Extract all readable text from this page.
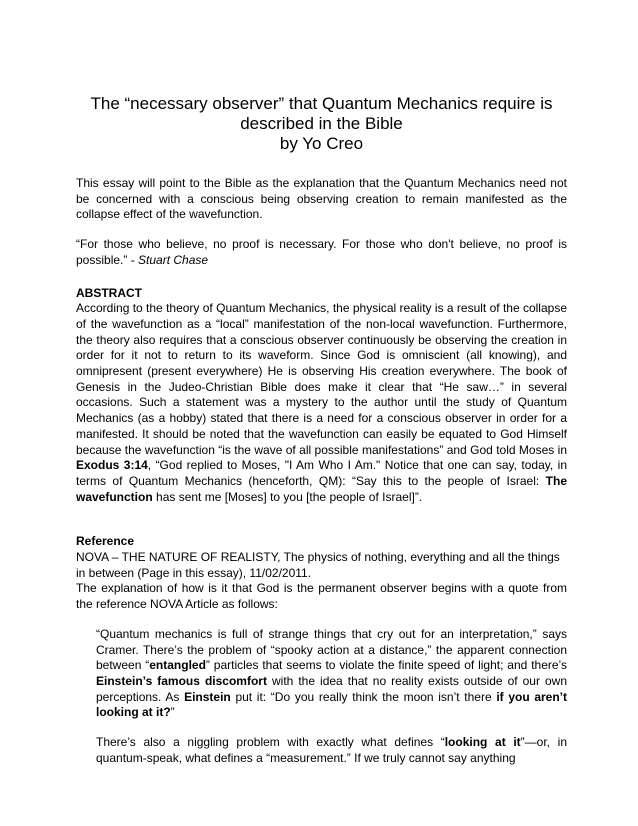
The “necessary observer” that Quantum Mechanics require is
described in the Bible
by Yo Creo

This essay will point to the Bible as the explanation that the Quantum Mechanics need not be concerned with a conscious being observing creation to remain manifested as the collapse effect of the wavefunction.

“For those who believe, no proof is necessary. For those who don't believe, no proof is possible.” - Stuart Chase

ABSTRACT

According to the theory of Quantum Mechanics, the physical reality is a result of the collapse of the wavefunction as a “local” manifestation of the non-local wavefunction. Furthermore, the theory also requires that a conscious observer continuously be observing the creation in order for it not to return to its waveform. Since God is omniscient (all knowing), and omnipresent (present everywhere) He is observing His creation everywhere. The book of Genesis in the Judeo-Christian Bible does make it clear that “He saw…” in several occasions. Such a statement was a mystery to the author until the study of Quantum Mechanics (as a hobby) stated that there is a need for a conscious observer in order for a manifested. It should be noted that the wavefunction can easily be equated to God Himself because the wavefunction “is the wave of all possible manifestations” and God told Moses in Exodus 3:14, “God replied to Moses, "I Am Who I Am." Notice that one can say, today, in terms of Quantum Mechanics (henceforth, QM): “Say this to the people of Israel: The wavefunction has sent me [Moses] to you [the people of Israel]”.

Reference

NOVA – THE NATURE OF REALISTY, The physics of nothing, everything and all the things in between (Page in this essay), 11/02/2011.

The explanation of how is it that God is the permanent observer begins with a quote from the reference NOVA Article as follows:

“Quantum mechanics is full of strange things that cry out for an interpretation,” says Cramer. There’s the problem of “spooky action at a distance,” the apparent connection between “entangled” particles that seems to violate the finite speed of light; and there’s Einstein’s famous discomfort with the idea that no reality exists outside of our own perceptions. As Einstein put it: “Do you really think the moon isn’t there if you aren’t looking at it?”

There’s also a niggling problem with exactly what defines “looking at it”—or, in quantum-speak, what defines a “measurement.” If we truly cannot say anything
